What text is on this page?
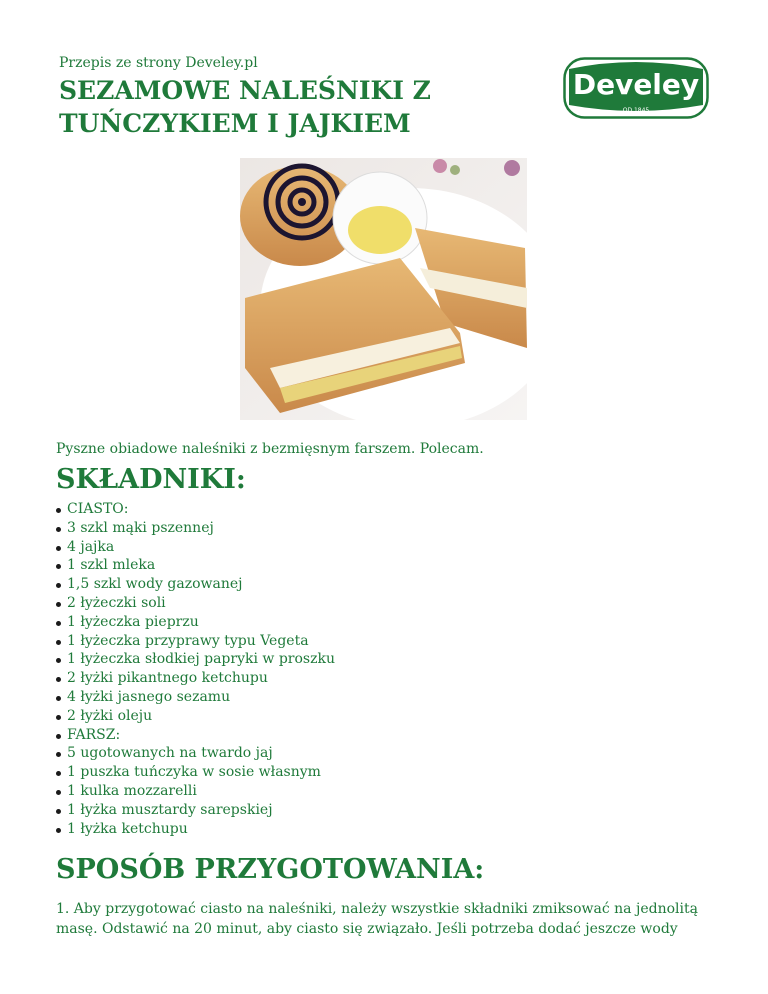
Przepis ze strony Develey.pl
SEZAMOWE NALEŚNIKI Z TUŃCZYKIEM I JAJKIEM
Develey
OD 1845
Pyszne obiadowe naleśniki z bezmięsnym farszem. Polecam.
SKŁADNIKI:
CIASTO:
3 szkl mąki pszennej
4 jajka
1 szkl mleka
1,5 szkl wody gazowanej
2 łyżeczki soli
1 łyżeczka pieprzu
1 łyżeczka przyprawy typu Vegeta
1 łyżeczka słodkiej papryki w proszku
2 łyżki pikantnego ketchupu
4 łyżki jasnego sezamu
2 łyżki oleju
FARSZ:
5 ugotowanych na twardo jaj
1 puszka tuńczyka w sosie własnym
1 kulka mozzarelli
1 łyżka musztardy sarepskiej
1 łyżka ketchupu
SPOSÓB PRZYGOTOWANIA:

1. Aby przygotować ciasto na naleśniki, należy wszystkie składniki zmiksować na jednolitą masę. Odstawić na 20 minut, aby ciasto się związało. Jeśli potrzeba dodać jeszcze wody
